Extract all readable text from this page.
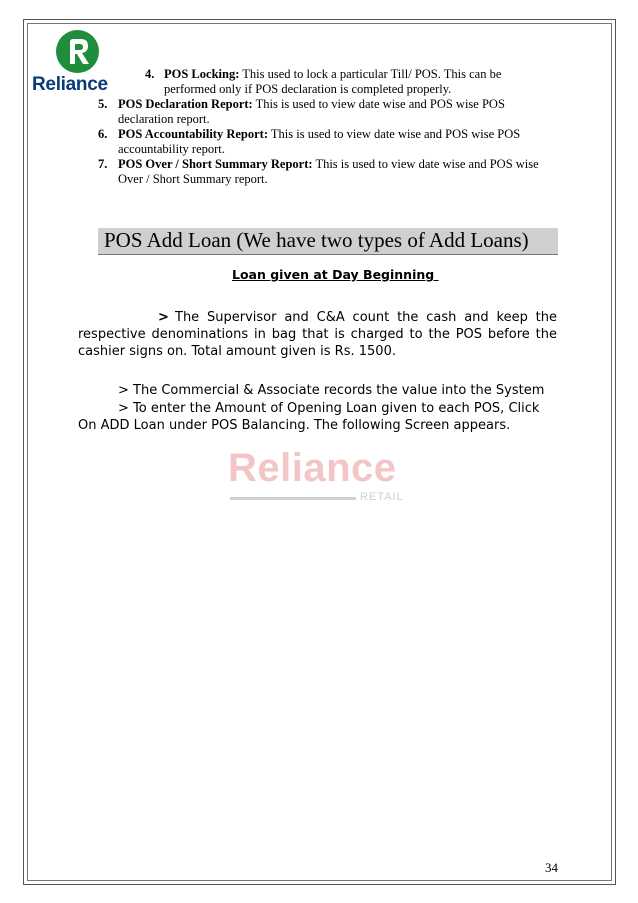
Reliance	4. POS Locking: This used to lock a particular Till/ POS. This can be
performed only if POS declaration is completed properly.
5. POS Declaration Report: This is used to view date wise and POS wise POS
declaration report.
6. POS Accountability Report: This is used to view date wise and POS wise POS
accountability report.
7. POS Over / Short Summary Report: This is used to view date wise and POS wise
Over / Short Summary report.
POS Add Loan (We have two types of Add Loans)
Loan given at Day Beginning
> The Supervisor and C&A count the cash and keep the
respective denominations in bag that is charged to the POS before the
cashier signs on. Total amount given is Rs. 1500.
> The Commercial & Associate records the value into the System
> To enter the Amount of Opening Loan given to each POS, Click
On ADD Loan under POS Balancing. The following Screen appears.
Reliance
RETAIL
34
